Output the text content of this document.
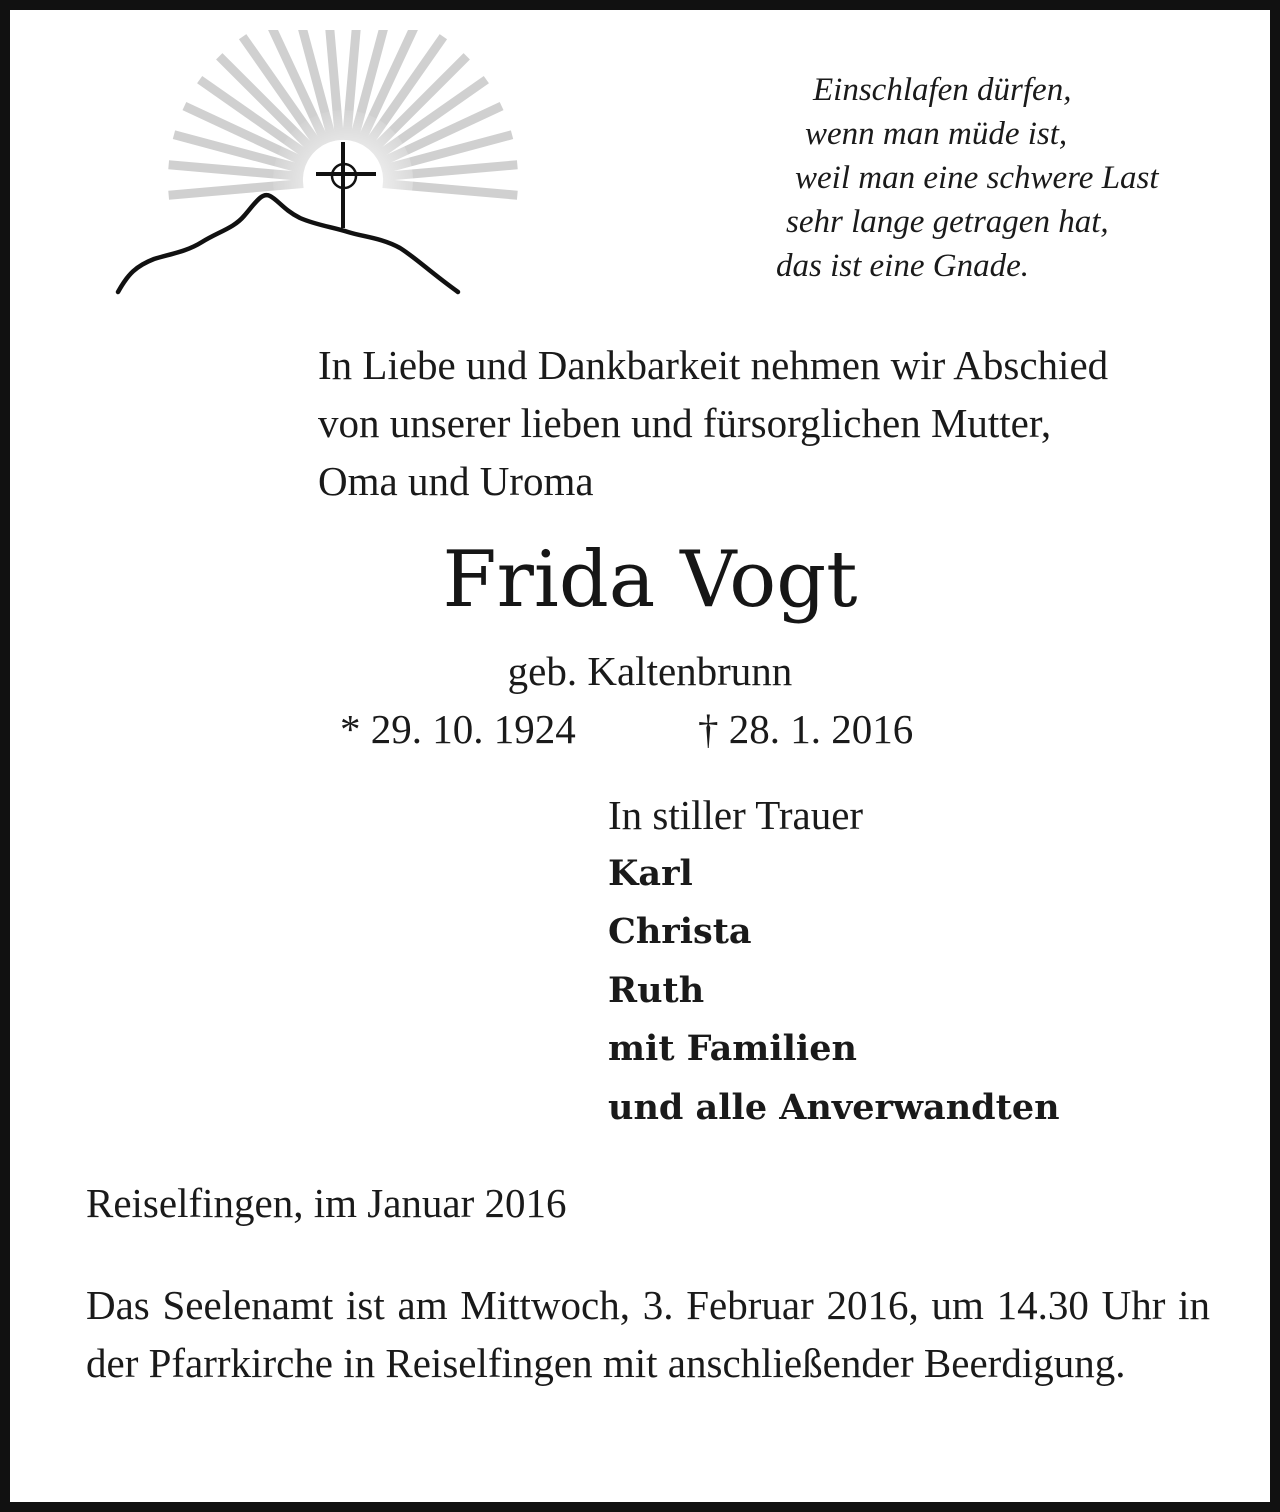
Einschlafen dürfen,
wenn man müde ist,
weil man eine schwere Last
sehr lange getragen hat,
das ist eine Gnade.
In Liebe und Dankbarkeit nehmen wir Abschied
von unserer lieben und fürsorglichen Mutter,
Oma und Uroma
Frida Vogt
geb. Kaltenbrunn
* 29. 10. 1924	† 28. 1. 2016
In stiller Trauer
Karl
Christa
Ruth
mit Familien
und alle Anverwandten
Reiselfingen, im Januar 2016
Das Seelenamt ist am Mittwoch, 3. Februar 2016, um 14.30 Uhr in der Pfarrkirche in Reiselfingen mit anschließender Beerdigung.
